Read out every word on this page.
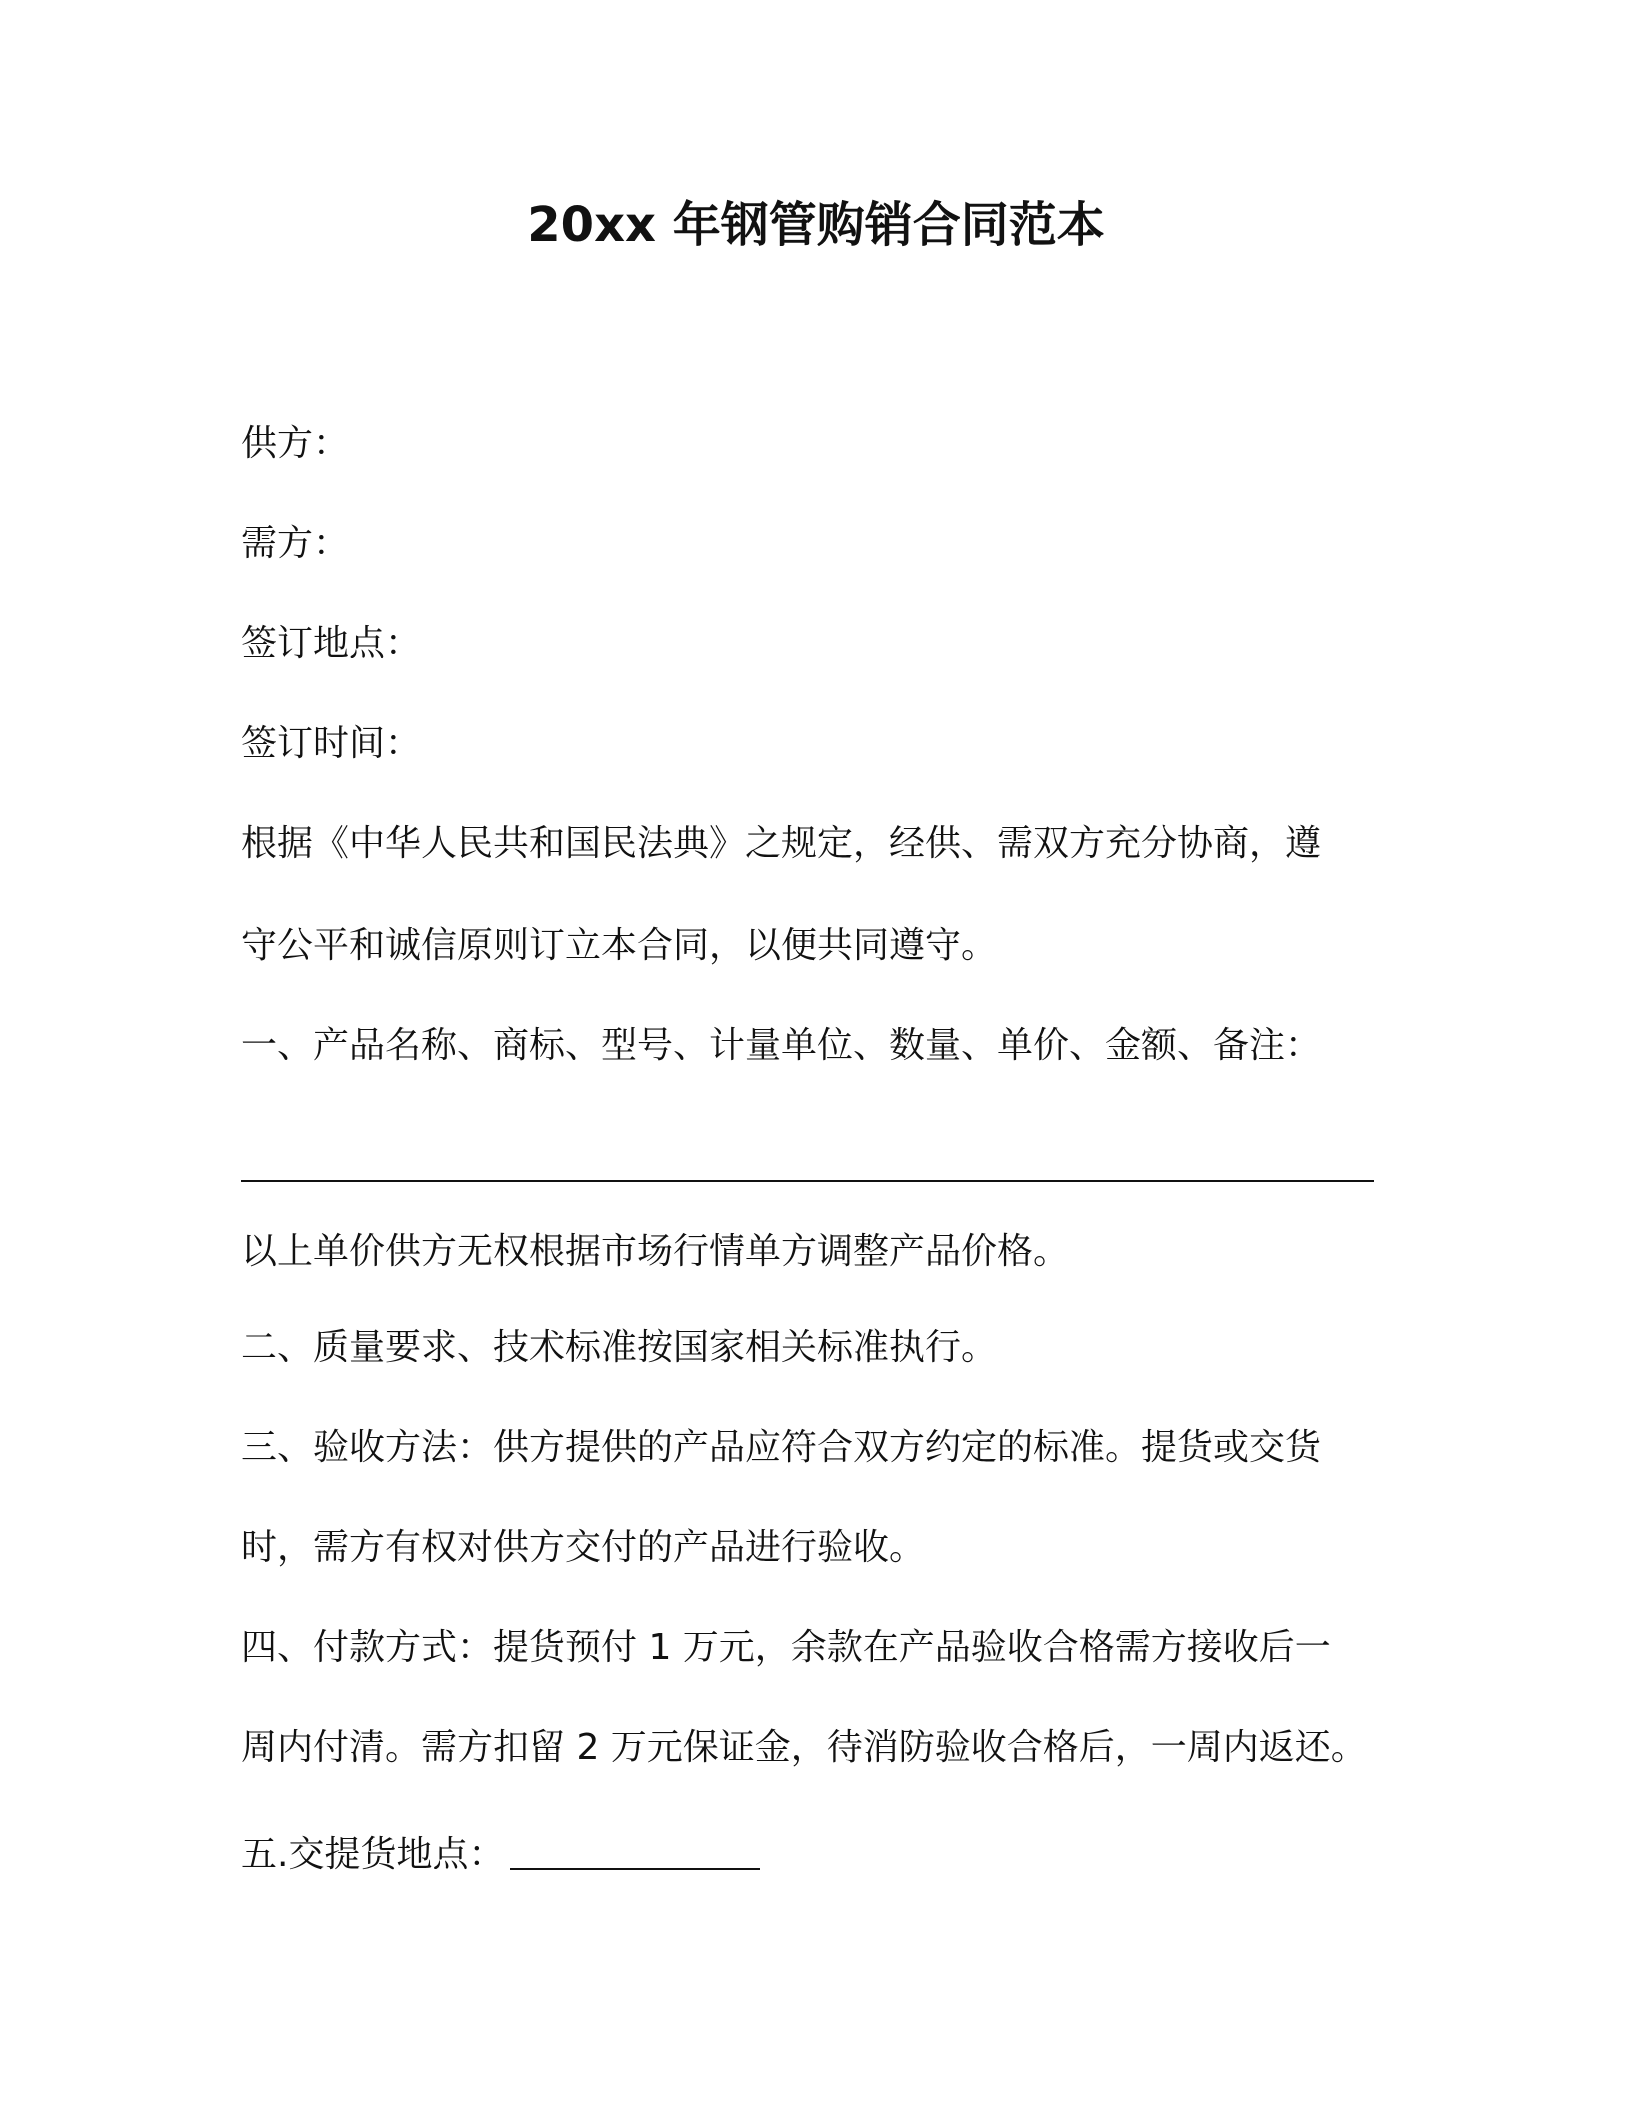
20xx 年钢管购销合同范本
供方：
需方：
签订地点：
签订时间：
根据《中华人民共和国民法典》之规定，经供、需双方充分协商，遵
守公平和诚信原则订立本合同，以便共同遵守。
一、产品名称、商标、型号、计量单位、数量、单价、金额、备注：
以上单价供方无权根据市场行情单方调整产品价格。
二、质量要求、技术标准按国家相关标准执行。
三、验收方法：供方提供的产品应符合双方约定的标准。提货或交货
时，需方有权对供方交付的产品进行验收。
四、付款方式：提货预付 1 万元，余款在产品验收合格需方接收后一
周内付清。需方扣留 2 万元保证金，待消防验收合格后，一周内返还。
五.交提货地点：
